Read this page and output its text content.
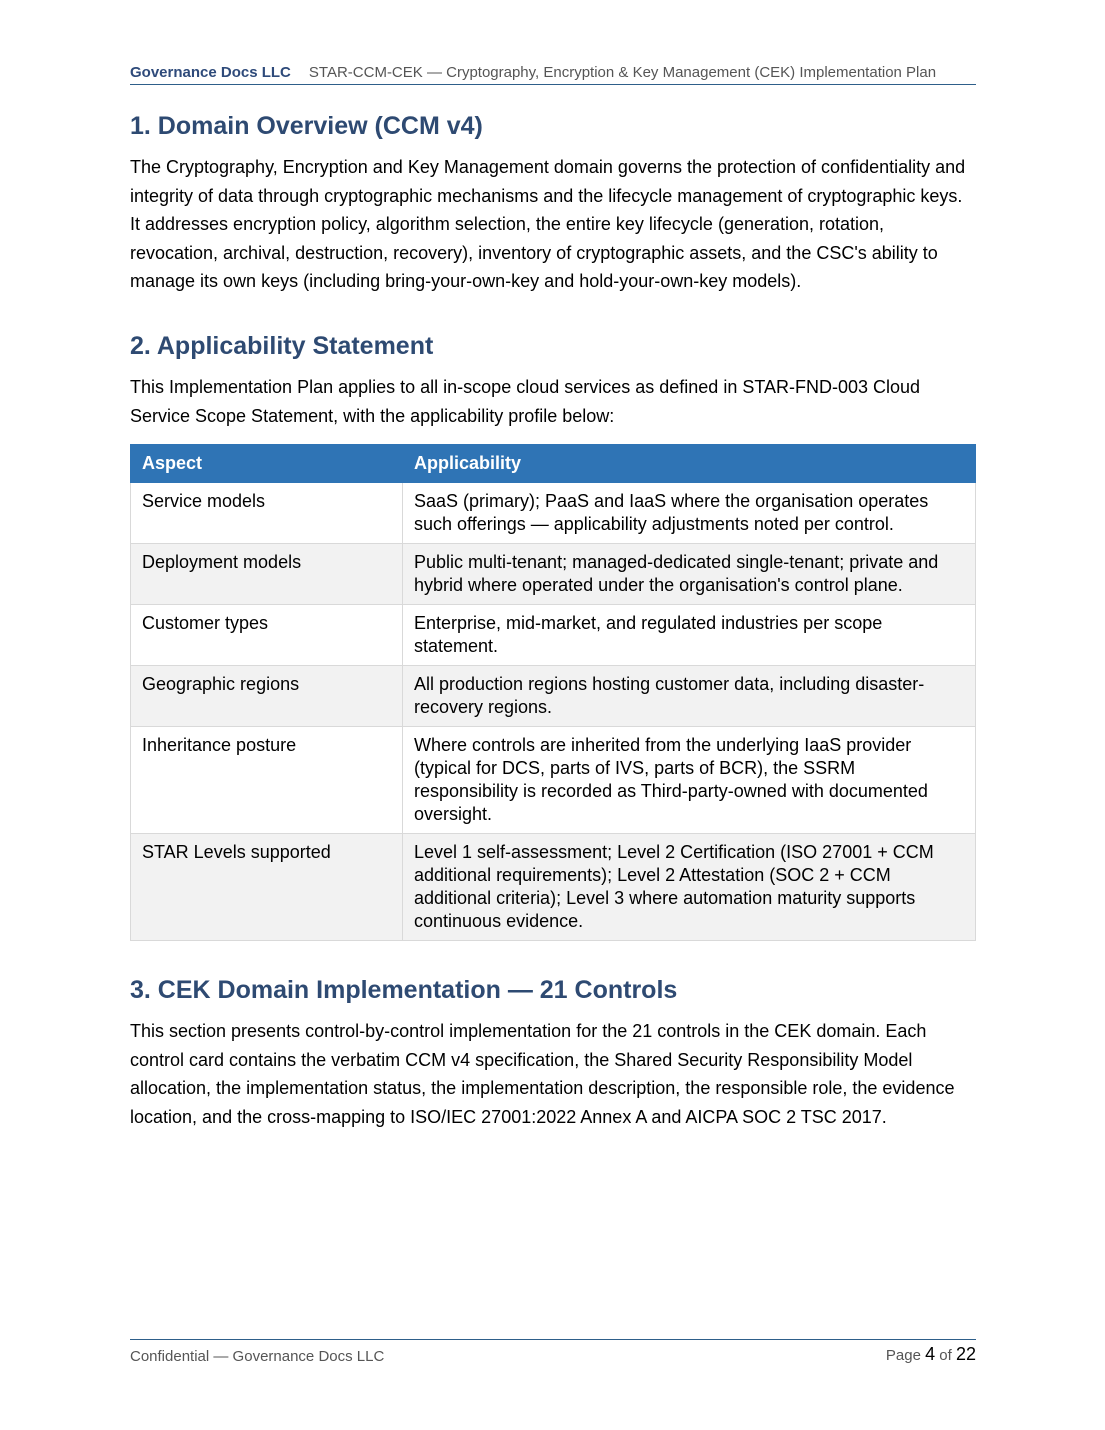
Governance Docs LLC STAR-CCM-CEK — Cryptography, Encryption & Key Management (CEK) Implementation Plan
1. Domain Overview (CCM v4)

The Cryptography, Encryption and Key Management domain governs the protection of confidentiality and integrity of data through cryptographic mechanisms and the lifecycle management of cryptographic keys. It addresses encryption policy, algorithm selection, the entire key lifecycle (generation, rotation, revocation, archival, destruction, recovery), inventory of cryptographic assets, and the CSC's ability to manage its own keys (including bring-your-own-key and hold-your-own-key models).

2. Applicability Statement

This Implementation Plan applies to all in-scope cloud services as defined in STAR-FND-003 Cloud Service Scope Statement, with the applicability profile below:

Aspect	Applicability
Service models	SaaS (primary); PaaS and IaaS where the organisation operates such offerings — applicability adjustments noted per control.
Deployment models	Public multi-tenant; managed-dedicated single-tenant; private and hybrid where operated under the organisation's control plane.
Customer types	Enterprise, mid-market, and regulated industries per scope statement.
Geographic regions	All production regions hosting customer data, including disaster-recovery regions.
Inheritance posture	Where controls are inherited from the underlying IaaS provider (typical for DCS, parts of IVS, parts of BCR), the SSRM responsibility is recorded as Third-party-owned with documented oversight.
STAR Levels supported	Level 1 self-assessment; Level 2 Certification (ISO 27001 + CCM additional requirements); Level 2 Attestation (SOC 2 + CCM additional criteria); Level 3 where automation maturity supports continuous evidence.
3. CEK Domain Implementation — 21 Controls

This section presents control-by-control implementation for the 21 controls in the CEK domain. Each control card contains the verbatim CCM v4 specification, the Shared Security Responsibility Model allocation, the implementation status, the implementation description, the responsible role, the evidence location, and the cross-mapping to ISO/IEC 27001:2022 Annex A and AICPA SOC 2 TSC 2017.

Confidential — Governance Docs LLC	Page 4 of 22
